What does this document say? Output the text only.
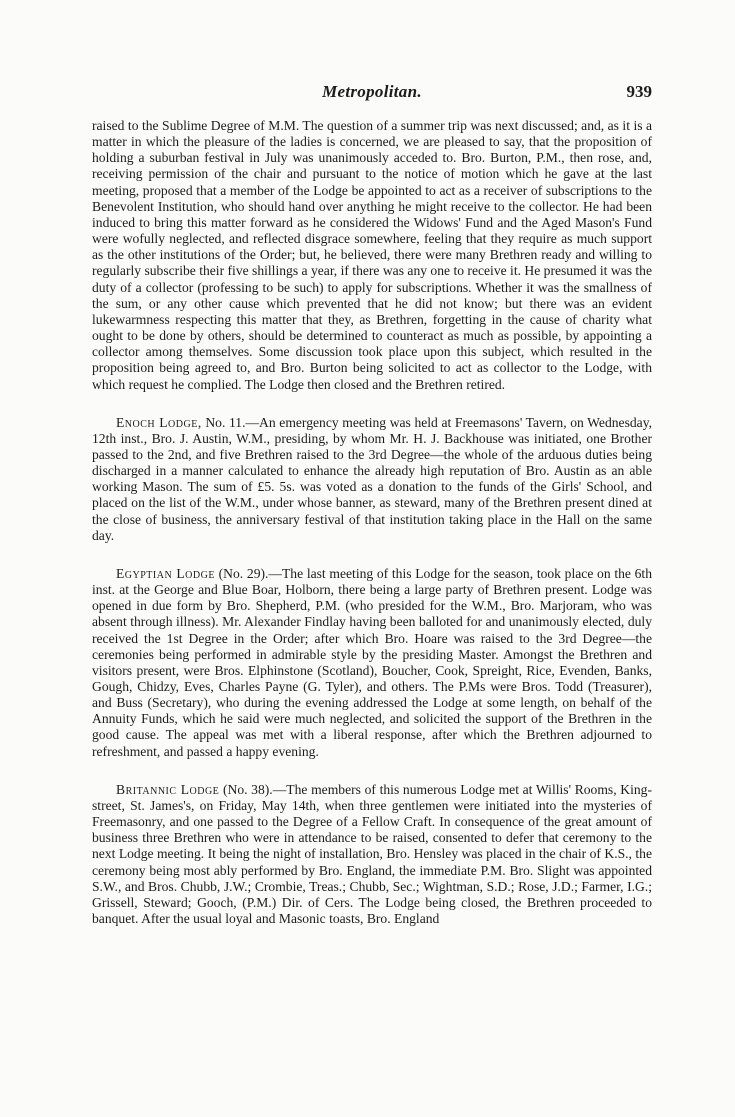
Metropolitan.	939

raised to the Sublime Degree of M.M. The question of a summer trip was next discussed; and, as it is a matter in which the pleasure of the ladies is concerned, we are pleased to say, that the proposition of holding a suburban festival in July was unanimously acceded to. Bro. Burton, P.M., then rose, and, receiving permission of the chair and pursuant to the notice of motion which he gave at the last meeting, proposed that a member of the Lodge be appointed to act as a receiver of subscriptions to the Benevolent Institution, who should hand over anything he might receive to the collector. He had been induced to bring this matter forward as he considered the Widows' Fund and the Aged Mason's Fund were wofully neglected, and reflected disgrace somewhere, feeling that they require as much support as the other institutions of the Order; but, he believed, there were many Brethren ready and willing to regularly subscribe their five shillings a year, if there was any one to receive it. He presumed it was the duty of a collector (professing to be such) to apply for subscriptions. Whether it was the smallness of the sum, or any other cause which prevented that he did not know; but there was an evident lukewarmness respecting this matter that they, as Brethren, forgetting in the cause of charity what ought to be done by others, should be determined to counteract as much as possible, by appointing a collector among themselves. Some discussion took place upon this subject, which resulted in the proposition being agreed to, and Bro. Burton being solicited to act as collector to the Lodge, with which request he complied. The Lodge then closed and the Brethren retired.

Enoch Lodge, No. 11.—An emergency meeting was held at Freemasons' Tavern, on Wednesday, 12th inst., Bro. J. Austin, W.M., presiding, by whom Mr. H. J. Backhouse was initiated, one Brother passed to the 2nd, and five Brethren raised to the 3rd Degree—the whole of the arduous duties being discharged in a manner calculated to enhance the already high reputation of Bro. Austin as an able working Mason. The sum of £5. 5s. was voted as a donation to the funds of the Girls' School, and placed on the list of the W.M., under whose banner, as steward, many of the Brethren present dined at the close of business, the anniversary festival of that institution taking place in the Hall on the same day.

Egyptian Lodge (No. 29).—The last meeting of this Lodge for the season, took place on the 6th inst. at the George and Blue Boar, Holborn, there being a large party of Brethren present. Lodge was opened in due form by Bro. Shepherd, P.M. (who presided for the W.M., Bro. Marjoram, who was absent through illness). Mr. Alexander Findlay having been balloted for and unanimously elected, duly received the 1st Degree in the Order; after which Bro. Hoare was raised to the 3rd Degree—the ceremonies being performed in admirable style by the presiding Master. Amongst the Brethren and visitors present, were Bros. Elphinstone (Scotland), Boucher, Cook, Spreight, Rice, Evenden, Banks, Gough, Chidzy, Eves, Charles Payne (G. Tyler), and others. The P.Ms were Bros. Todd (Treasurer), and Buss (Secretary), who during the evening addressed the Lodge at some length, on behalf of the Annuity Funds, which he said were much neglected, and solicited the support of the Brethren in the good cause. The appeal was met with a liberal response, after which the Brethren adjourned to refreshment, and passed a happy evening.

Britannic Lodge (No. 38).—The members of this numerous Lodge met at Willis' Rooms, King-street, St. James's, on Friday, May 14th, when three gentlemen were initiated into the mysteries of Freemasonry, and one passed to the Degree of a Fellow Craft. In consequence of the great amount of business three Brethren who were in attendance to be raised, consented to defer that ceremony to the next Lodge meeting. It being the night of installation, Bro. Hensley was placed in the chair of K.S., the ceremony being most ably performed by Bro. England, the immediate P.M. Bro. Slight was appointed S.W., and Bros. Chubb, J.W.; Crombie, Treas.; Chubb, Sec.; Wightman, S.D.; Rose, J.D.; Farmer, I.G.; Grissell, Steward; Gooch, (P.M.) Dir. of Cers. The Lodge being closed, the Brethren proceeded to banquet. After the usual loyal and Masonic toasts, Bro. England
